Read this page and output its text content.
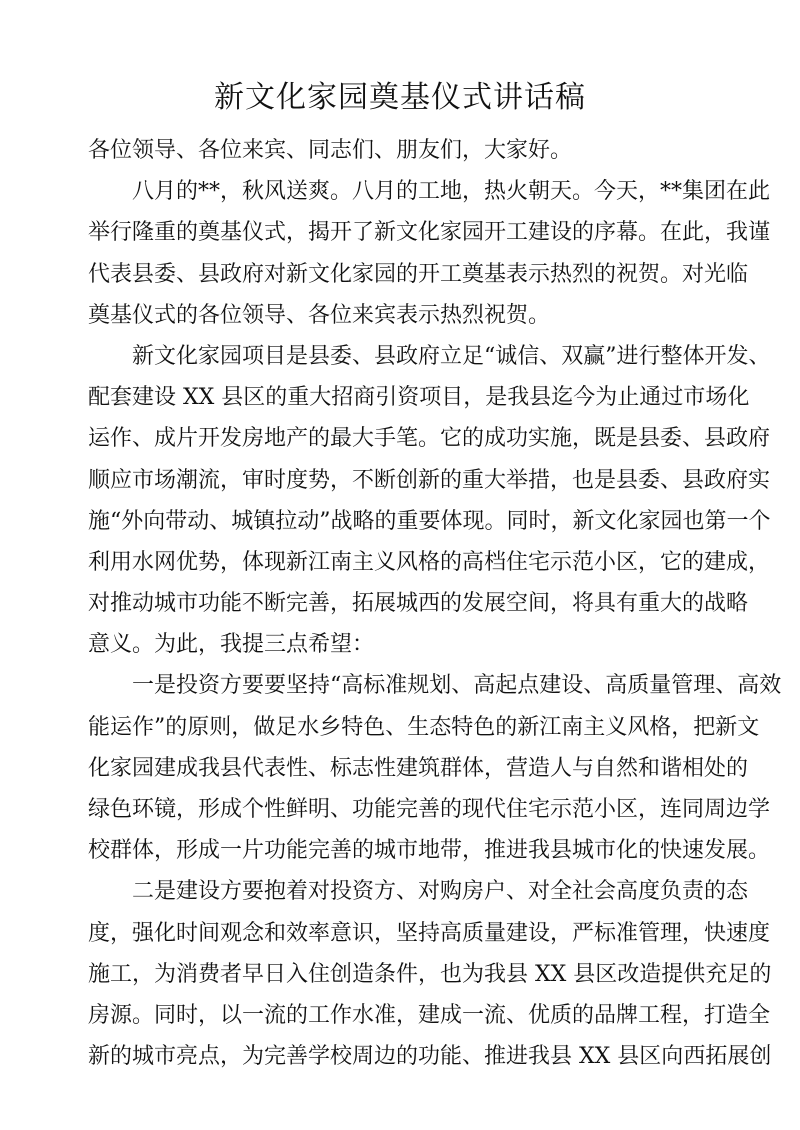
新文化家园奠基仪式讲话稿
各位领导、各位来宾、同志们、朋友们，大家好。
八月的**，秋风送爽。八月的工地，热火朝天。今天，**集团在此
举行隆重的奠基仪式，揭开了新文化家园开工建设的序幕。在此，我谨
代表县委、县政府对新文化家园的开工奠基表示热烈的祝贺。对光临
奠基仪式的各位领导、各位来宾表示热烈祝贺。
新文化家园项目是县委、县政府立足“诚信、双赢”进行整体开发、
配套建设 XX 县区的重大招商引资项目，是我县迄今为止通过市场化
运作、成片开发房地产的最大手笔。它的成功实施，既是县委、县政府
顺应市场潮流，审时度势，不断创新的重大举措，也是县委、县政府实
施“外向带动、城镇拉动”战略的重要体现。同时，新文化家园也第一个
利用水网优势，体现新江南主义风格的高档住宅示范小区，它的建成，
对推动城市功能不断完善，拓展城西的发展空间，将具有重大的战略
意义。为此，我提三点希望：
一是投资方要要坚持“高标准规划、高起点建设、高质量管理、高效
能运作”的原则，做足水乡特色、生态特色的新江南主义风格，把新文
化家园建成我县代表性、标志性建筑群体，营造人与自然和谐相处的
绿色环镜，形成个性鲜明、功能完善的现代住宅示范小区，连同周边学
校群体，形成一片功能完善的城市地带，推进我县城市化的快速发展。
二是建设方要抱着对投资方、对购房户、对全社会高度负责的态
度，强化时间观念和效率意识，坚持高质量建设，严标准管理，快速度
施工，为消费者早日入住创造条件，也为我县 XX 县区改造提供充足的
房源。同时，以一流的工作水准，建成一流、优质的品牌工程，打造全
新的城市亮点，为完善学校周边的功能、推进我县 XX 县区向西拓展创
